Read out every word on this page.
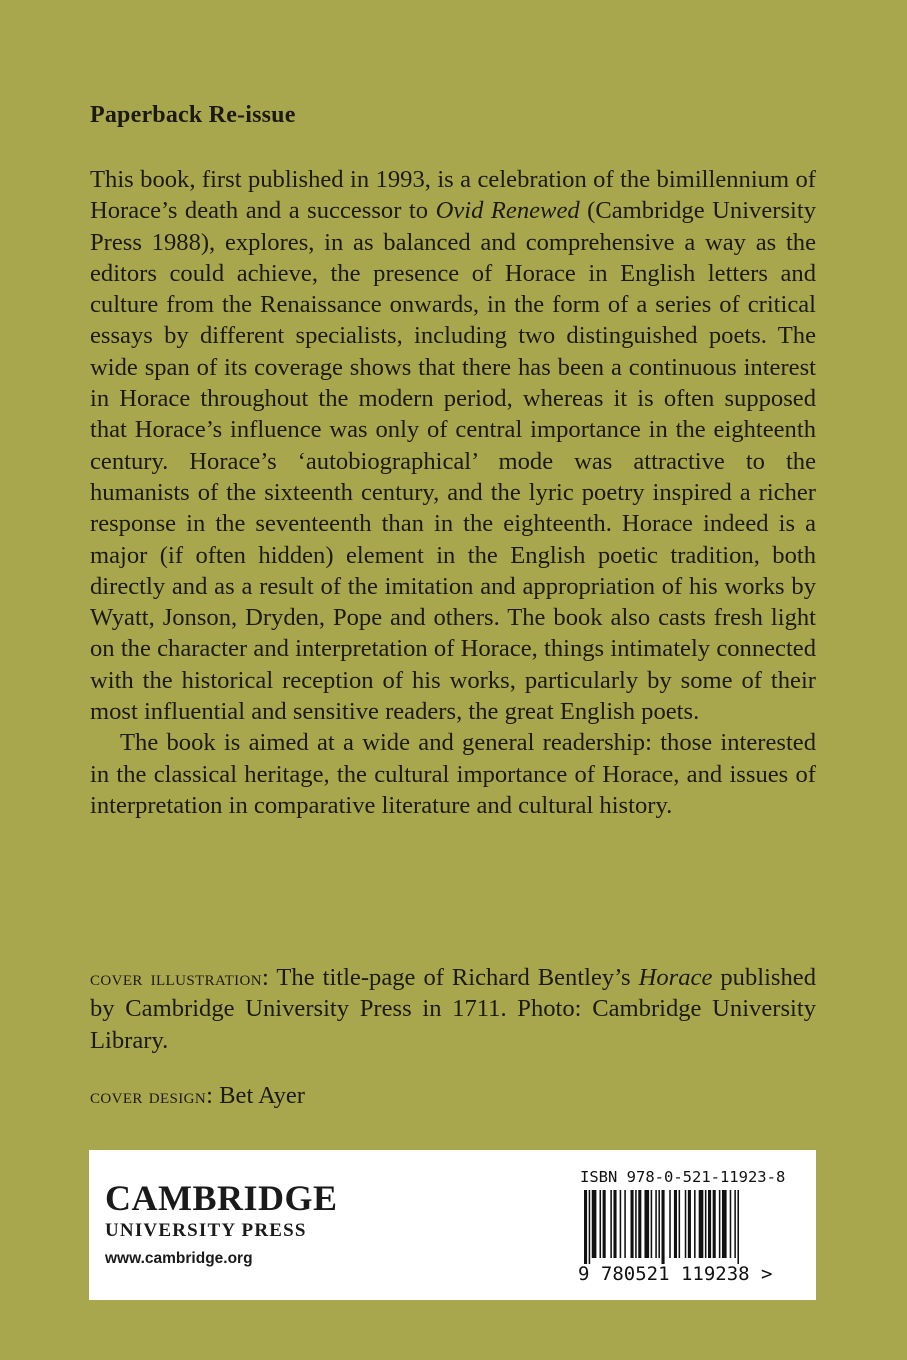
Paperback Re-issue

This book, first published in 1993, is a celebration of the bimillennium of Horace’s death and a successor to Ovid Renewed (Cambridge University Press 1988), explores, in as balanced and comprehensive a way as the editors could achieve, the presence of Horace in English letters and culture from the Renaissance onwards, in the form of a series of critical essays by different specialists, including two distinguished poets. The wide span of its coverage shows that there has been a continuous interest in Horace throughout the modern period, whereas it is often supposed that Horace’s influence was only of central importance in the eighteenth century. Horace’s ‘autobiographical’ mode was attractive to the humanists of the sixteenth century, and the lyric poetry inspired a richer response in the seventeenth than in the eighteenth. Horace indeed is a major (if often hidden) element in the English poetic tradition, both directly and as a result of the imitation and appropriation of his works by Wyatt, Jonson, Dryden, Pope and others. The book also casts fresh light on the character and interpretation of Horace, things intimately connected with the historical reception of his works, particularly by some of their most influential and sensitive readers, the great English poets.

The book is aimed at a wide and general readership: those interested in the classical heritage, the cultural importance of Horace, and issues of interpretation in comparative literature and cultural history.

cover illustration: The title-page of Richard Bentley’s Horace published by Cambridge University Press in 1711. Photo: Cambridge University Library.
cover design: Bet Ayer
CAMBRIDGE
UNIVERSITY PRESS
www.cambridge.org
ISBN 978-0-521-11923-8
9 780521 119238 >
